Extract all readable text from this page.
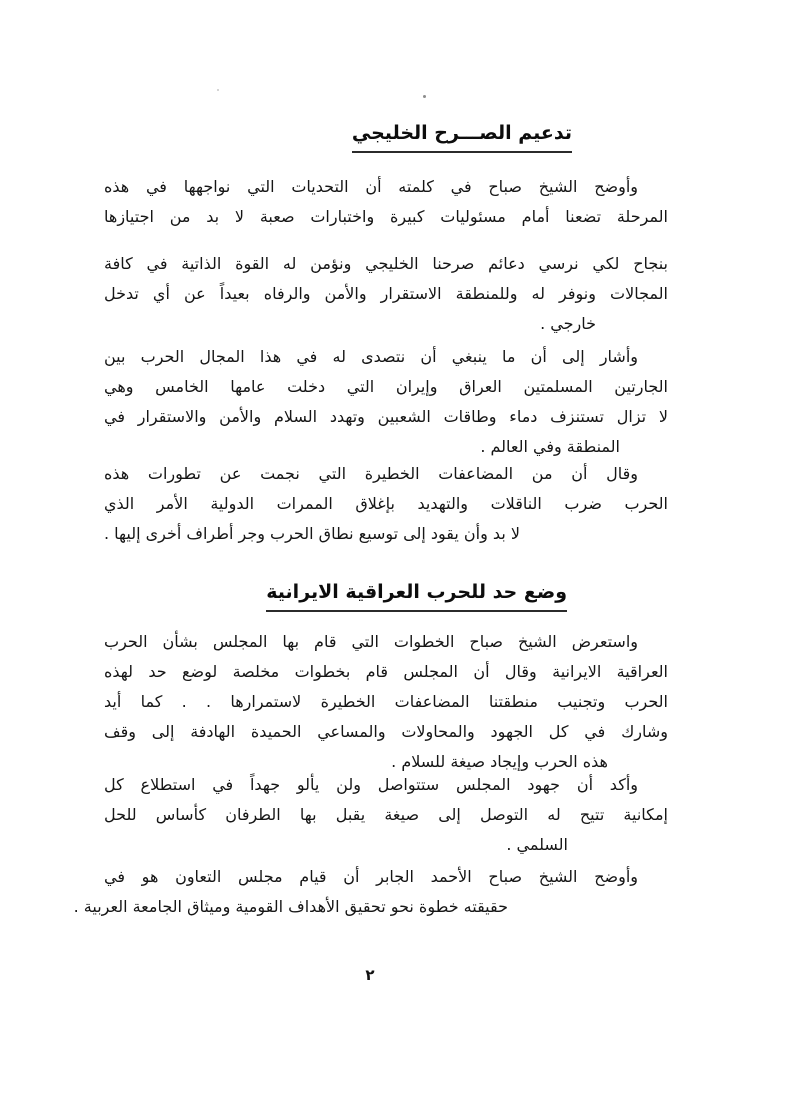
تدعيم الصـــرح الخليجي
وأوضح الشيخ صباح في كلمته أن التحديات التي نواجهها في هذه
المرحلة تضعنا أمام مسئوليات كبيرة واختبارات صعبة لا بد من اجتيازها
بنجاح لكي نرسي دعائم صرحنا الخليجي ونؤمن له القوة الذاتية في كافة
المجالات ونوفر له وللمنطقة الاستقرار والأمن والرفاه بعيداً عن أي تدخل
خارجي .
وأشار إلى أن ما ينبغي أن نتصدى له في هذا المجال الحرب بين
الجارتين المسلمتين العراق وإيران التي دخلت عامها الخامس وهي
لا تزال تستنزف دماء وطاقات الشعبين وتهدد السلام والأمن والاستقرار في
المنطقة وفي العالم .
وقال أن من المضاعفات الخطيرة التي نجمت عن تطورات هذه
الحرب ضرب الناقلات والتهديد بإغلاق الممرات الدولية الأمر الذي
لا بد وأن يقود إلى توسيع نطاق الحرب وجر أطراف أخرى إليها .
وضع حد للحرب العراقية الايرانية
واستعرض الشيخ صباح الخطوات التي قام بها المجلس بشأن الحرب
العراقية الايرانية وقال أن المجلس قام بخطوات مخلصة لوضع حد لهذه
الحرب وتجنيب منطقتنا المضاعفات الخطيرة لاستمرارها . . كما أيد
وشارك في كل الجهود والمحاولات والمساعي الحميدة الهادفة إلى وقف
هذه الحرب وإيجاد صيغة للسلام .
وأكد أن جهود المجلس ستتواصل ولن يألو جهداً في استطلاع كل
إمكانية تتيح له التوصل إلى صيغة يقبل بها الطرفان كأساس للحل
السلمي .
وأوضح الشيخ صباح الأحمد الجابر أن قيام مجلس التعاون هو في
حقيقته خطوة نحو تحقيق الأهداف القومية وميثاق الجامعة العربية .
٢
